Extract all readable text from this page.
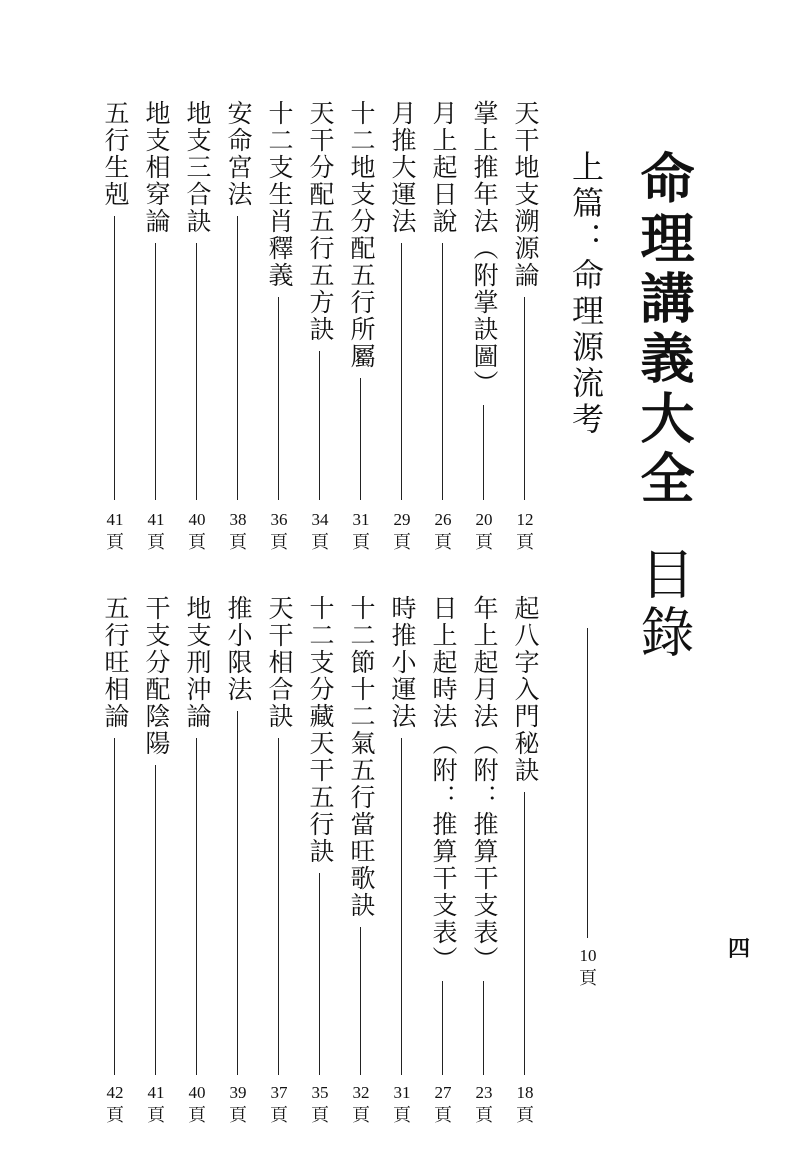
命理講義大全目錄
上篇：命理源流考
10
頁
天干地支溯源論
12
頁
掌上推年法（附掌訣圖）
20
頁
月上起日說
26
頁
月推大運法
29
頁
十二地支分配五行所屬
31
頁
天干分配五行五方訣
34
頁
十二支生肖釋義
36
頁
安命宮法
38
頁
地支三合訣
40
頁
地支相穿論
41
頁
五行生剋
41
頁
起八字入門秘訣
18
頁
年上起月法（附：推算干支表）
23
頁
日上起時法（附：推算干支表）
27
頁
時推小運法
31
頁
十二節十二氣五行當旺歌訣
32
頁
十二支分藏天干五行訣
35
頁
天干相合訣
37
頁
推小限法
39
頁
地支刑沖論
40
頁
干支分配陰陽
41
頁
五行旺相論
42
頁
四
